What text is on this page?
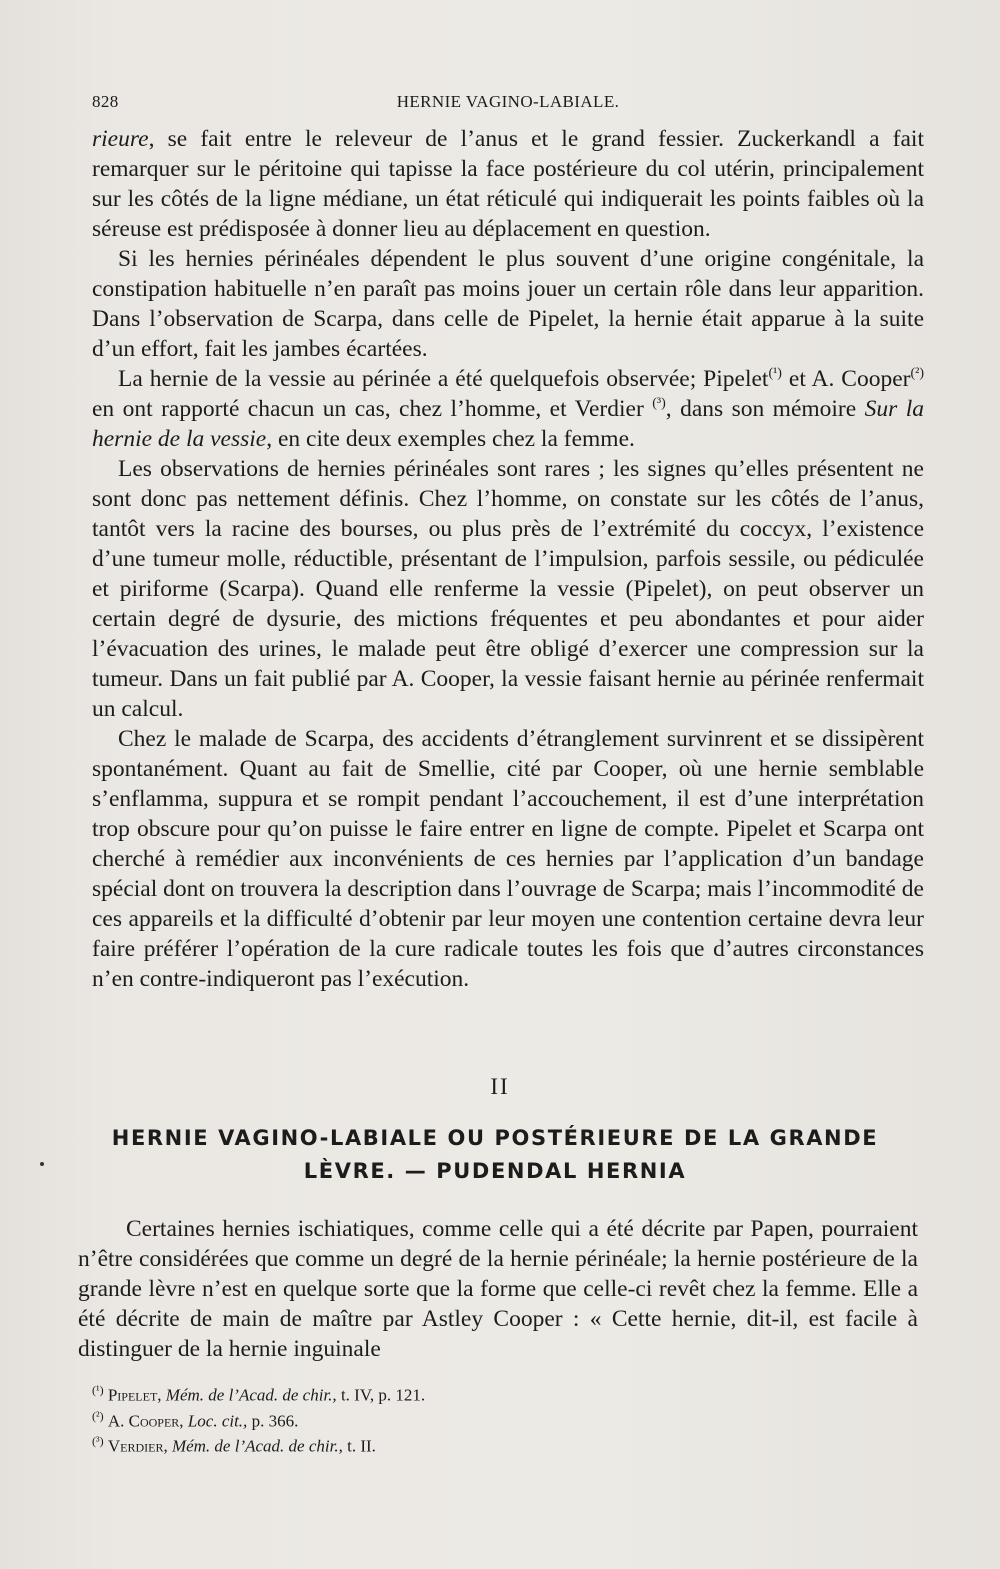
828	HERNIE VAGINO-LABIALE.

rieure, se fait entre le releveur de l’anus et le grand fessier. Zuckerkandl a fait remarquer sur le péritoine qui tapisse la face postérieure du col utérin, principalement sur les côtés de la ligne médiane, un état réticulé qui indiquerait les points faibles où la séreuse est prédisposée à donner lieu au déplacement en question.

Si les hernies périnéales dépendent le plus souvent d’une origine congénitale, la constipation habituelle n’en paraît pas moins jouer un certain rôle dans leur apparition. Dans l’observation de Scarpa, dans celle de Pipelet, la hernie était apparue à la suite d’un effort, fait les jambes écartées.

La hernie de la vessie au périnée a été quelquefois observée; Pipelet$^{(^1)}$ et A. Cooper$^{(^2)}$ en ont rapporté chacun un cas, chez l’homme, et Verdier $^{(^3)}$, dans son mémoire Sur la hernie de la vessie, en cite deux exemples chez la femme.

Les observations de hernies périnéales sont rares ; les signes qu’elles présentent ne sont donc pas nettement définis. Chez l’homme, on constate sur les côtés de l’anus, tantôt vers la racine des bourses, ou plus près de l’extrémité du coccyx, l’existence d’une tumeur molle, réductible, présentant de l’impulsion, parfois sessile, ou pédiculée et piriforme (Scarpa). Quand elle renferme la vessie (Pipelet), on peut observer un certain degré de dysurie, des mictions fréquentes et peu abondantes et pour aider l’évacuation des urines, le malade peut être obligé d’exercer une compression sur la tumeur. Dans un fait publié par A. Cooper, la vessie faisant hernie au périnée renfermait un calcul.

Chez le malade de Scarpa, des accidents d’étranglement survinrent et se dissipèrent spontanément. Quant au fait de Smellie, cité par Cooper, où une hernie semblable s’enflamma, suppura et se rompit pendant l’accouchement, il est d’une interprétation trop obscure pour qu’on puisse le faire entrer en ligne de compte. Pipelet et Scarpa ont cherché à remédier aux inconvénients de ces hernies par l’application d’un bandage spécial dont on trouvera la description dans l’ouvrage de Scarpa; mais l’incommodité de ces appareils et la difficulté d’obtenir par leur moyen une contention certaine devra leur faire préférer l’opération de la cure radicale toutes les fois que d’autres circonstances n’en contre-indiqueront pas l’exécution.

II
HERNIE VAGINO-LABIALE OU POSTÉRIEURE DE LA GRANDE
LÈVRE. — PUDENDAL HERNIA

Certaines hernies ischiatiques, comme celle qui a été décrite par Papen, pourraient n’être considérées que comme un degré de la hernie périnéale; la hernie postérieure de la grande lèvre n’est en quelque sorte que la forme que celle-ci revêt chez la femme. Elle a été décrite de main de maître par Astley Cooper : « Cette hernie, dit-il, est facile à distinguer de la hernie inguinale

$^{(^1)}$ Pipelet, Mém. de l’Acad. de chir., t. IV, p. 121.
$^{(^2)}$ A. Cooper, Loc. cit., p. 366.
$^{(^3)}$ Verdier, Mém. de l’Acad. de chir., t. II.
